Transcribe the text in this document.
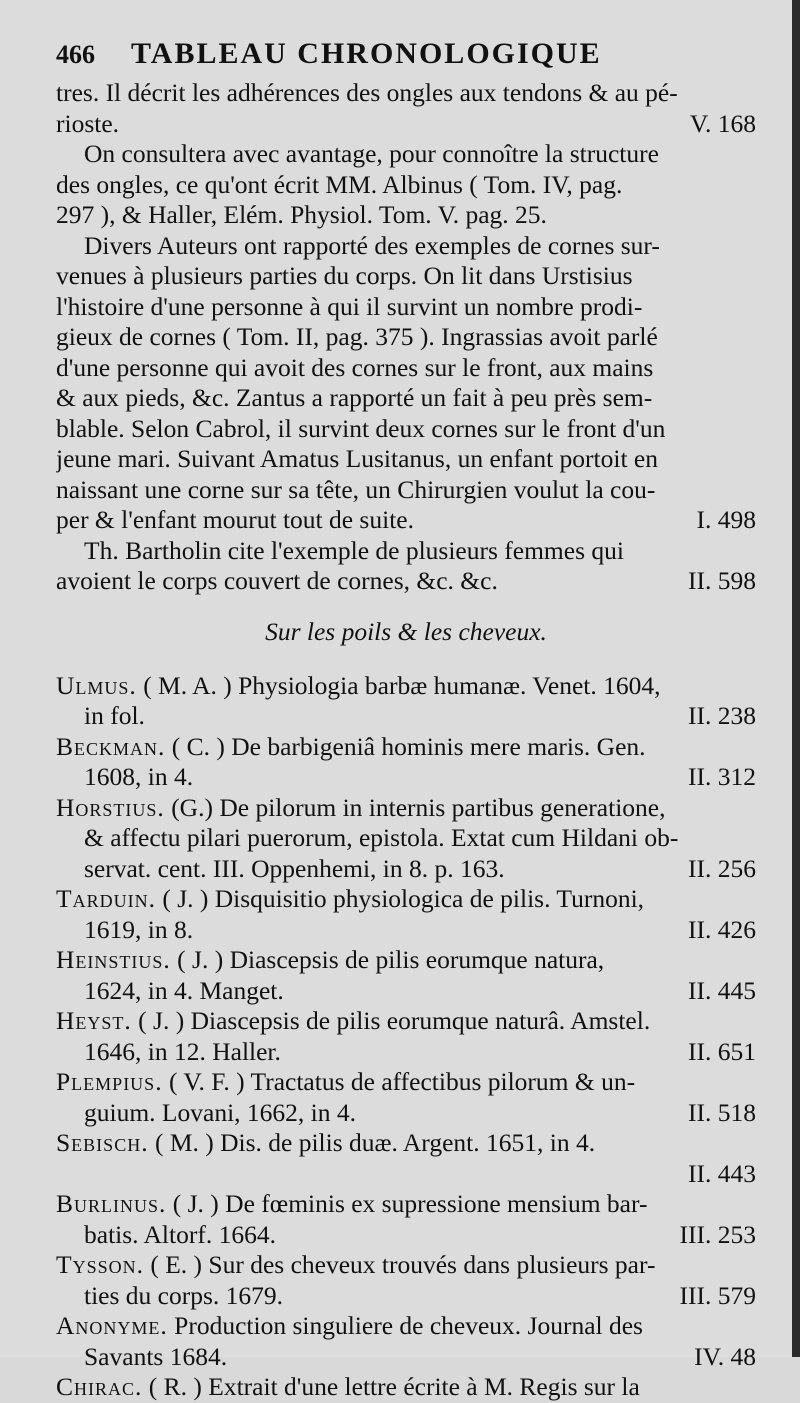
466 TABLEAU CHRONOLOGIQUE
tres. Il décrit les adhérences des ongles aux tendons & au pé-
rioste.	V. 168
On consultera avec avantage, pour connoître la structure
des ongles, ce qu'ont écrit MM. Albinus ( Tom. IV, pag.
297 ), & Haller, Elém. Physiol. Tom. V. pag. 25.
Divers Auteurs ont rapporté des exemples de cornes sur-
venues à plusieurs parties du corps. On lit dans Urstisius
l'histoire d'une personne à qui il survint un nombre prodi-
gieux de cornes ( Tom. II, pag. 375 ). Ingrassias avoit parlé
d'une personne qui avoit des cornes sur le front, aux mains
& aux pieds, &c. Zantus a rapporté un fait à peu près sem-
blable. Selon Cabrol, il survint deux cornes sur le front d'un
jeune mari. Suivant Amatus Lusitanus, un enfant portoit en
naissant une corne sur sa tête, un Chirurgien voulut la cou-
per & l'enfant mourut tout de suite.	I. 498
Th. Bartholin cite l'exemple de plusieurs femmes qui
avoient le corps couvert de cornes, &c. &c.	II. 598
Sur les poils & les cheveux.
Ulmus. ( M. A. ) Physiologia barbæ humanæ. Venet. 1604,
in fol.	II. 238
Beckman. ( C. ) De barbigeniâ hominis mere maris. Gen.
1608, in 4.	II. 312
Horstius. (G.) De pilorum in internis partibus generatione,
& affectu pilari puerorum, epistola. Extat cum Hildani ob-
servat. cent. III. Oppenhemi, in 8. p. 163.	II. 256
Tarduin. ( J. ) Disquisitio physiologica de pilis. Turnoni,
1619, in 8.	II. 426
Heinstius. ( J. ) Diascepsis de pilis eorumque natura,
1624, in 4. Manget.	II. 445
Heyst. ( J. ) Diascepsis de pilis eorumque naturâ. Amstel.
1646, in 12. Haller.	II. 651
Plempius. ( V. F. ) Tractatus de affectibus pilorum & un-
guium. Lovani, 1662, in 4.	II. 518
Sebisch. ( M. ) Dis. de pilis duæ. Argent. 1651, in 4.
II. 443
Burlinus. ( J. ) De fœminis ex supressione mensium bar-
batis. Altorf. 1664.	III. 253
Tysson. ( E. ) Sur des cheveux trouvés dans plusieurs par-
ties du corps. 1679.	III. 579
Anonyme. Production singuliere de cheveux. Journal des
Savants 1684.	IV. 48
Chirac. ( R. ) Extrait d'une lettre écrite à M. Regis sur la
